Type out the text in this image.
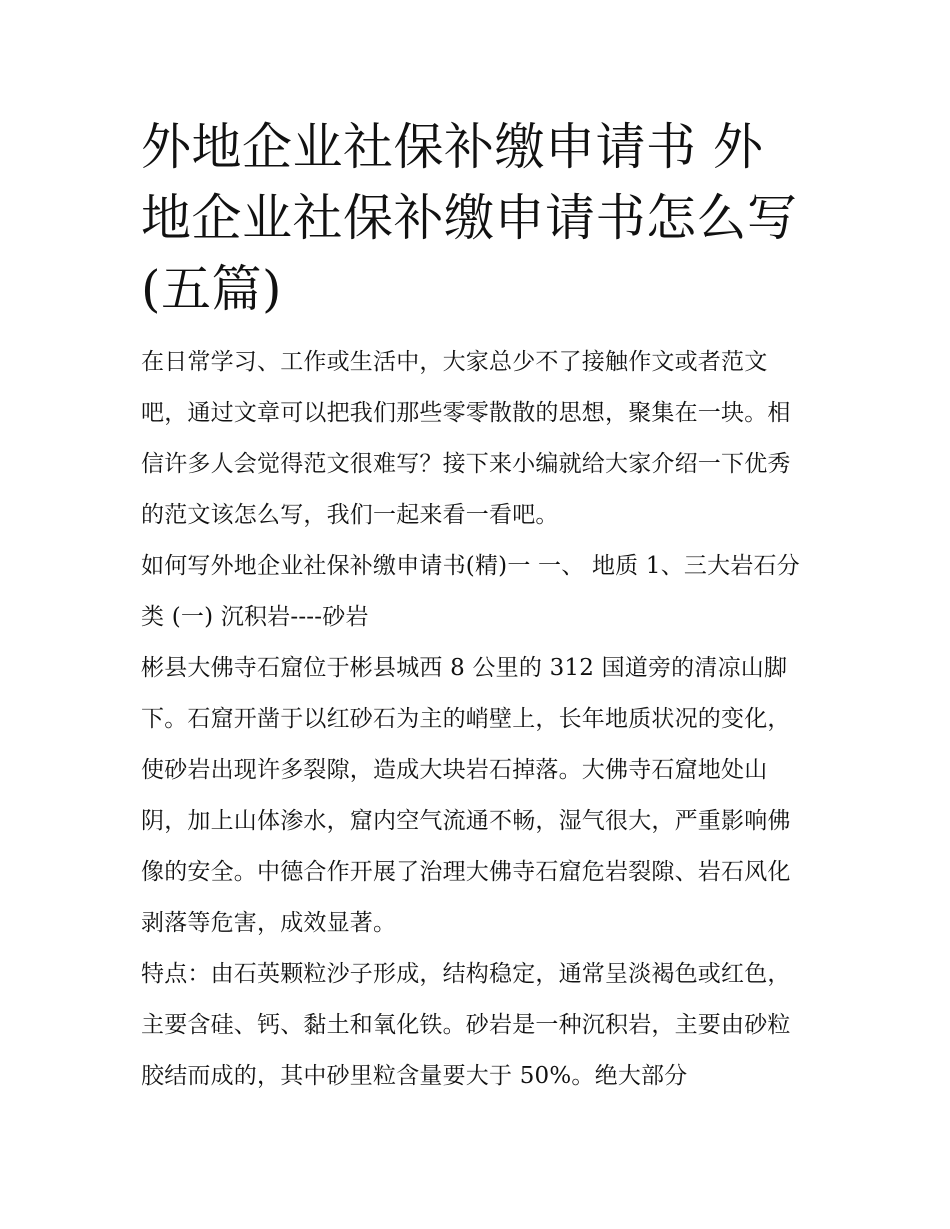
外地企业社保补缴申请书 外地企业社保补缴申请书怎么写(五篇)

在日常学习、工作或生活中，大家总少不了接触作文或者范文吧，通过文章可以把我们那些零零散散的思想，聚集在一块。相信许多人会觉得范文很难写？接下来小编就给大家介绍一下优秀的范文该怎么写，我们一起来看一看吧。

如何写外地企业社保补缴申请书(精)一 一、 地质 1、三大岩石分类 (一) 沉积岩----砂岩

彬县大佛寺石窟位于彬县城西 8 公里的 312 国道旁的清凉山脚下。石窟开凿于以红砂石为主的峭壁上，长年地质状况的变化，使砂岩出现许多裂隙，造成大块岩石掉落。大佛寺石窟地处山阴，加上山体渗水，窟内空气流通不畅，湿气很大，严重影响佛像的安全。中德合作开展了治理大佛寺石窟危岩裂隙、岩石风化剥落等危害，成效显著。

特点：由石英颗粒沙子形成，结构稳定，通常呈淡褐色或红色，主要含硅、钙、黏土和氧化铁。砂岩是一种沉积岩，主要由砂粒胶结而成的，其中砂里粒含量要大于 50%。绝大部分
